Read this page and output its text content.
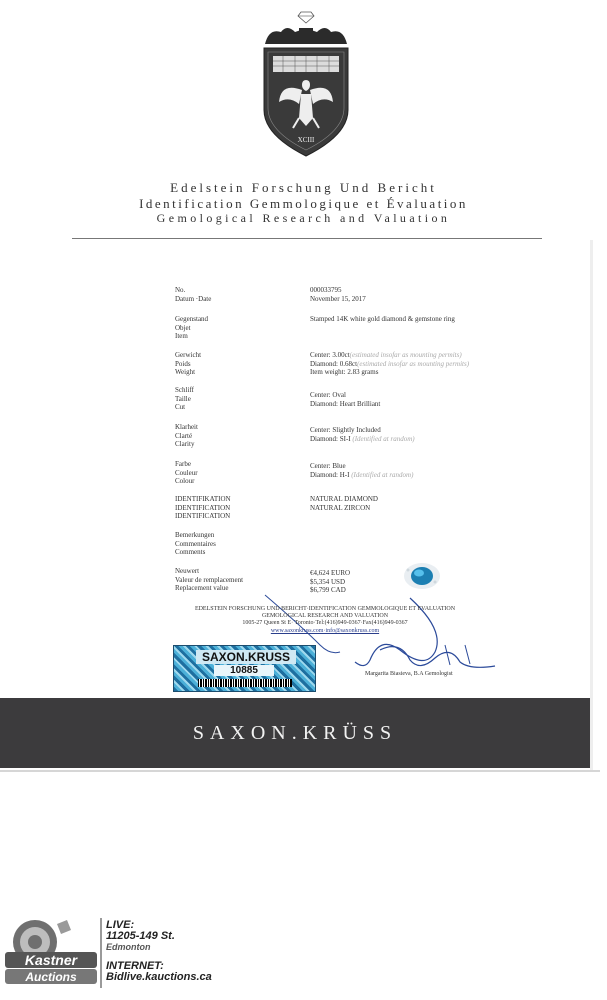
XCIII
Edelstein Forschung Und Bericht
Identification Gemmologique et Évaluation
Gemological Research and Valuation
No.
Datum ·Date
000033795
November 15, 2017
Gegenstand
Objet
Item
Stamped 14K white gold diamond & gemstone ring
Gerwicht
Poids
Weight
Center: 3.00ct(estimated insofar as mounting permits)
Diamond: 0.68ct(estimated insofar as mounting permits)
Item weight: 2.83 grams
Schliff
Taille
Cut
Center: Oval
Diamond: Heart Brilliant
Klarheit
Clarté
Clarity
Center: Slightly Included
Diamond: SI-I (Identified at random)
Farbe
Couleur
Colour
Center: Blue
Diamond: H-I (Identified at random)
IDENTIFIKATION
IDENTIFICATION
IDENTIFICATION
NATURAL DIAMOND
NATURAL ZIRCON
Bemerkungen
Commentaires
Comments
Neuwert
Valeur de remplacement
Replacement value
€4,624 EURO
$5,354 USD
$6,799 CAD
EDELSTEIN FORSCHUNG UND BERICHT·IDENTIFICATION GEMMOLOGIQUE ET EVALUATION
GEMOLOGICAL RESEARCH AND VALUATION
1005-27 Queen St E· Toronto·Tel:(416)949-0367·Fax(416)949-0367
www.saxonkruss.com·info@saxonkruss.com
SAXON.KRUSS
10885	Margarita Biasieva, B.A Gemologist
SAXON.KRÜSS
Kastner
Auctions
LIVE:
11205-149 St.
Edmonton
INTERNET:
Bidlive.kauctions.ca
